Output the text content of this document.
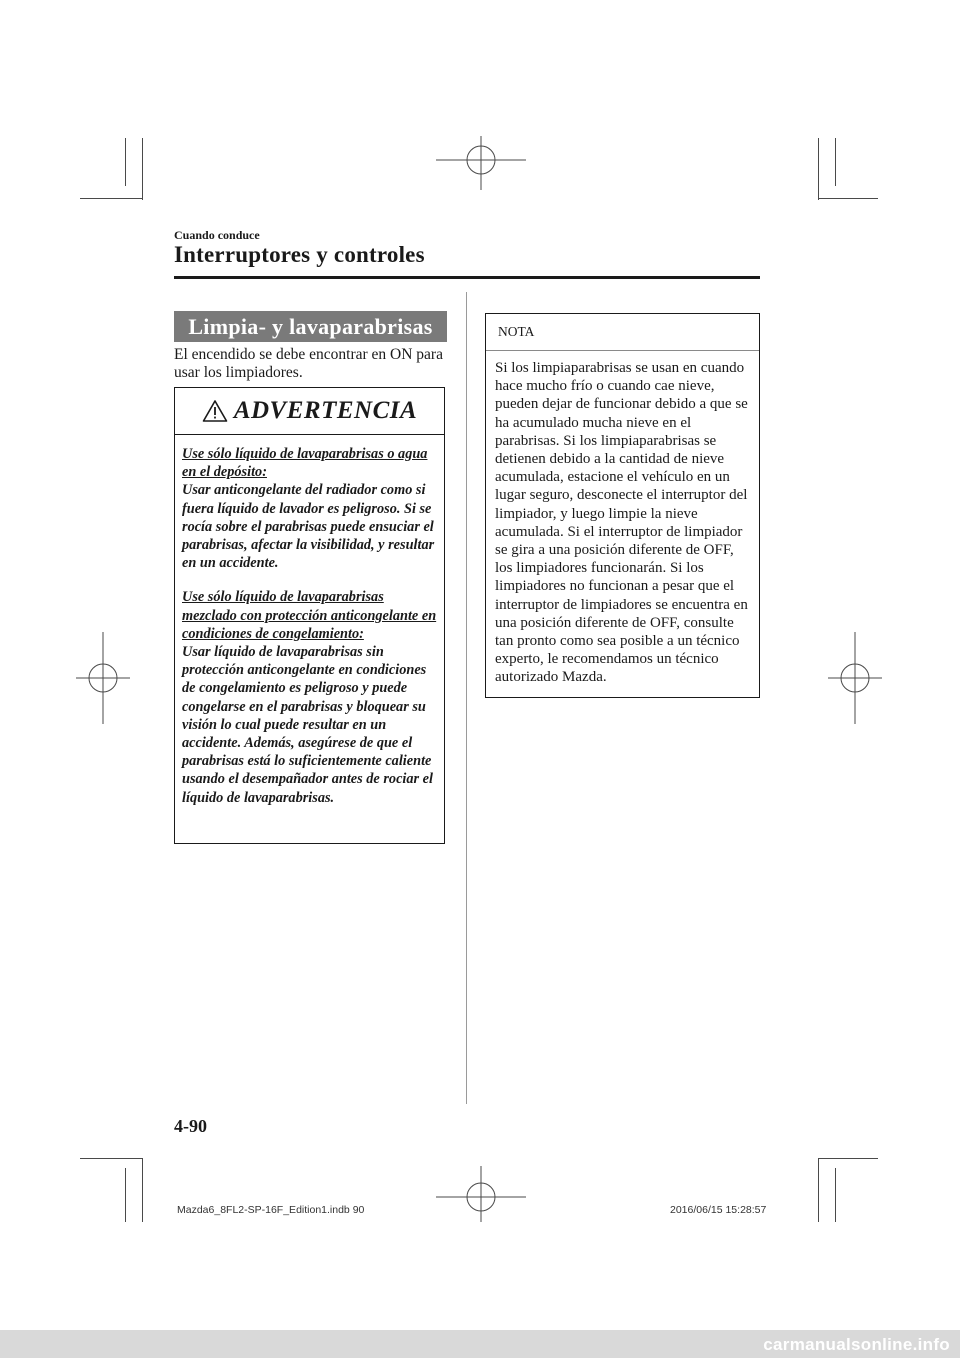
Cuando conduce
Interruptores y controles
Limpia- y lavaparabrisas
El encendido se debe encontrar en ON para usar los limpiadores.
ADVERTENCIA

Use sólo líquido de lavaparabrisas o agua en el depósito:
Usar anticongelante del radiador como si fuera líquido de lavador es peligroso. Si se rocía sobre el parabrisas puede ensuciar el parabrisas, afectar la visibilidad, y resultar en un accidente.

Use sólo líquido de lavaparabrisas mezclado con protección anticongelante en condiciones de congelamiento:
Usar líquido de lavaparabrisas sin protección anticongelante en condiciones de congelamiento es peligroso y puede congelarse en el parabrisas y bloquear su visión lo cual puede resultar en un accidente. Además, asegúrese de que el parabrisas está lo suficientemente caliente usando el desempañador antes de rociar el líquido de lavaparabrisas.

NOTA
Si los limpiaparabrisas se usan en cuando hace mucho frío o cuando cae nieve, pueden dejar de funcionar debido a que se ha acumulado mucha nieve en el parabrisas. Si los limpiaparabrisas se detienen debido a la cantidad de nieve acumulada, estacione el vehículo en un lugar seguro, desconecte el interruptor del limpiador, y luego limpie la nieve acumulada. Si el interruptor de limpiador se gira a una posición diferente de OFF, los limpiadores funcionarán. Si los limpiadores no funcionan a pesar que el interruptor de limpiadores se encuentra en una posición diferente de OFF, consulte tan pronto como sea posible a un técnico experto, le recomendamos un técnico autorizado Mazda.
4-90
Mazda6_8FL2-SP-16F_Edition1.indb 90	2016/06/15 15:28:57
carmanualsonline.info
